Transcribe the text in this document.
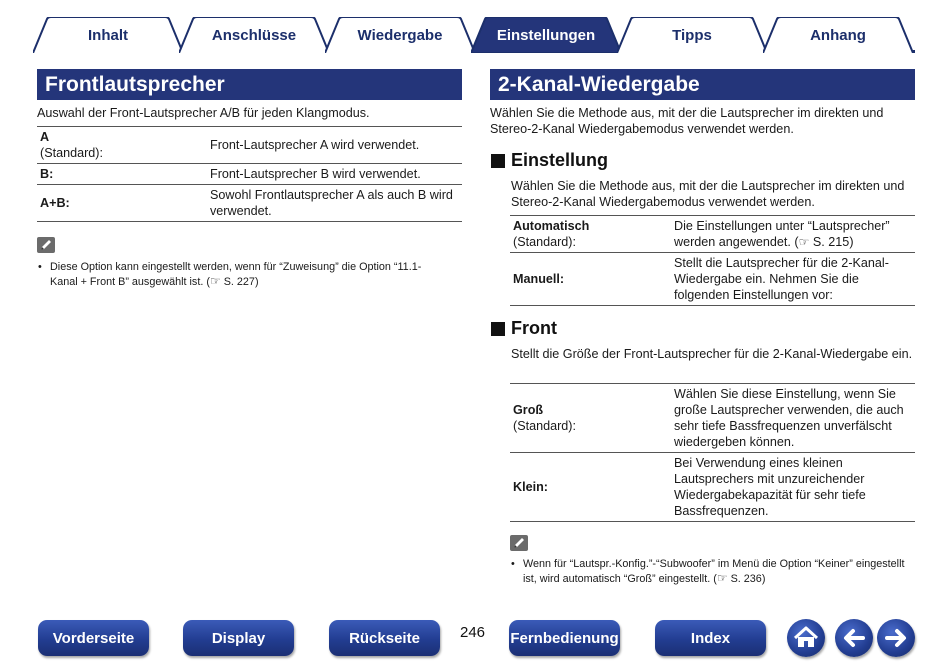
Inhalt	Anschlüsse	Wiedergabe	Einstellungen	Tipps	Anhang
Frontlautsprecher
Auswahl der Front-Lautsprecher A/B für jeden Klangmodus.
A
(Standard):	Front-Lautsprecher A wird verwendet.
B:	Front-Lautsprecher B wird verwendet.
A+B:	Sowohl Frontlautsprecher A als auch B wird verwendet.
• Diese Option kann eingestellt werden, wenn für “Zuweisung” die Option “11.1-Kanal + Front B” ausgewählt ist. (☞ S. 227)
2-Kanal-Wiedergabe
Wählen Sie die Methode aus, mit der die Lautsprecher im direkten und Stereo-2-Kanal Wiedergabemodus verwendet werden.
Einstellung
Wählen Sie die Methode aus, mit der die Lautsprecher im direkten und Stereo-2-Kanal Wiedergabemodus verwendet werden.
Automatisch
(Standard):	Die Einstellungen unter “Lautsprecher” werden angewendet. (☞ S. 215)
Manuell:	Stellt die Lautsprecher für die 2-Kanal-Wiedergabe ein. Nehmen Sie die folgenden Einstellungen vor:
Front
Stellt die Größe der Front-Lautsprecher für die 2-Kanal-Wiedergabe ein.
Groß
(Standard):	Wählen Sie diese Einstellung, wenn Sie große Lautsprecher verwenden, die auch sehr tiefe Bassfrequenzen unverfälscht wiedergeben können.
Klein:	Bei Verwendung eines kleinen Lautsprechers mit unzureichender Wiedergabekapazität für sehr tiefe Bassfrequenzen.
• Wenn für “Lautspr.-Konfig.”-“Subwoofer” im Menü die Option “Keiner” eingestellt ist, wird automatisch “Groß” eingestellt. (☞ S. 236)
Vorderseite	Display	Rückseite	246 Fernbedienung	Index
